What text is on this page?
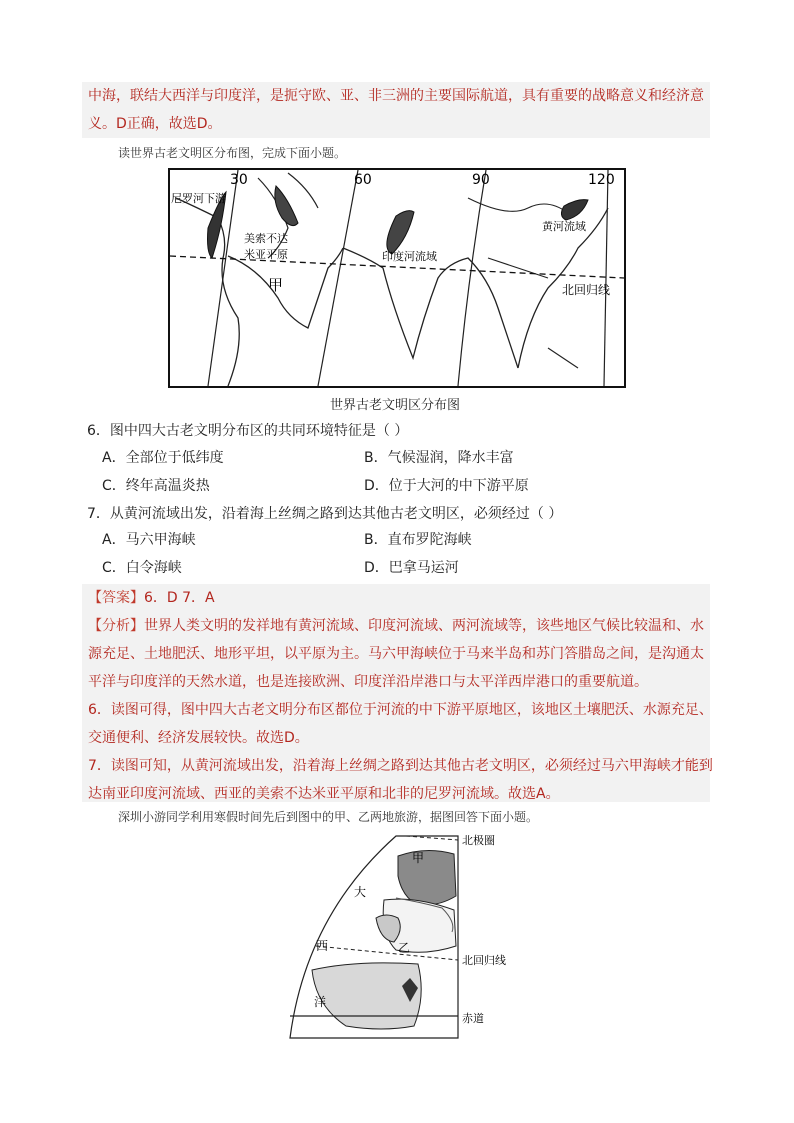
中海，联结大西洋与印度洋，是扼守欧、亚、非三洲的主要国际航道，具有重要的战略意义和经济意
义。D正确，故选D。
读世界古老文明区分布图，完成下面小题。
30	60	90	120
尼罗河下游
美索不达
米亚平原	印度河流域
黄河流域
北回归线
甲
世界古老文明区分布图
6．图中四大古老文明分布区的共同环境特征是（ ）
A．全部位于低纬度	B．气候湿润，降水丰富
C．终年高温炎热	D．位于大河的中下游平原
7．从黄河流域出发，沿着海上丝绸之路到达其他古老文明区，必须经过（ ）
A．马六甲海峡	B．直布罗陀海峡
C．白令海峡	D．巴拿马运河
【答案】6．D 7．A
【分析】世界人类文明的发祥地有黄河流域、印度河流域、两河流域等，该些地区气候比较温和、水
源充足、土地肥沃、地形平坦，以平原为主。马六甲海峡位于马来半岛和苏门答腊岛之间，是沟通太
平洋与印度洋的天然水道，也是连接欧洲、印度洋沿岸港口与太平洋西岸港口的重要航道。
6．读图可得，图中四大古老文明分布区都位于河流的中下游平原地区，该地区土壤肥沃、水源充足、
交通便利、经济发展较快。故选D。
7．读图可知，从黄河流域出发，沿着海上丝绸之路到达其他古老文明区，必须经过马六甲海峡才能到
达南亚印度河流域、西亚的美索不达米亚平原和北非的尼罗河流域。故选A。
深圳小游同学利用寒假时间先后到图中的甲、乙两地旅游，据图回答下面小题。
北极圈
北回归线
赤道
大
西
洋
甲
乙
